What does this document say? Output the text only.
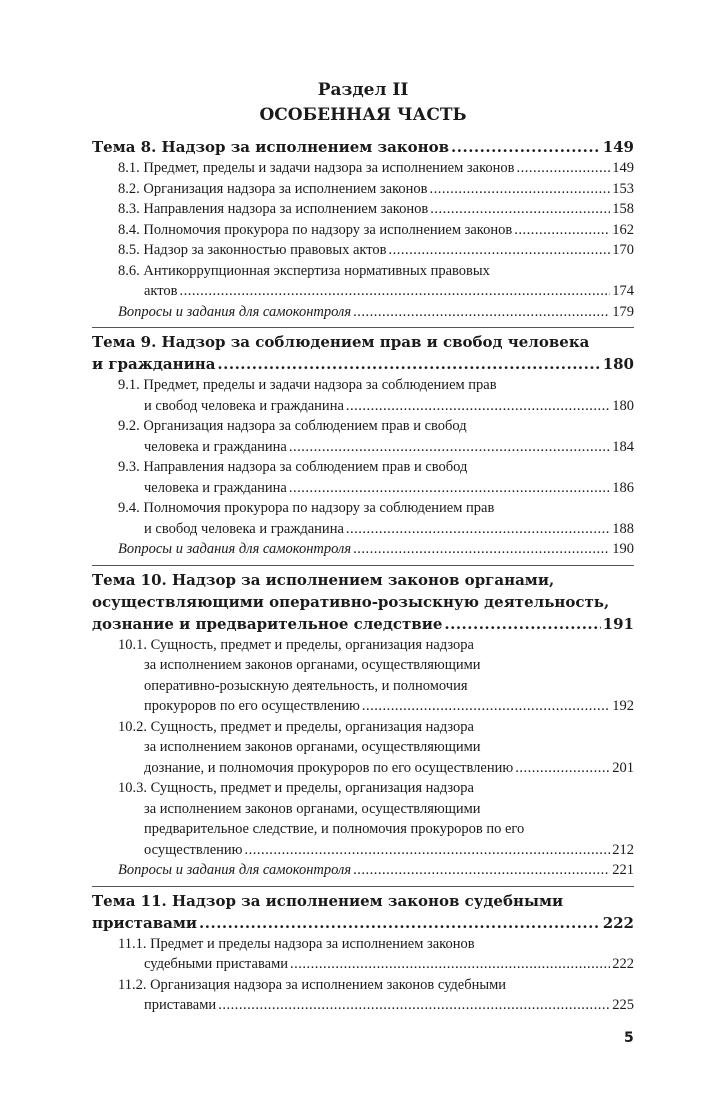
Раздел II
ОСОБЕННАЯ ЧАСТЬ
Тема 8. Надзор за исполнением законов .....	149
8.1. Предмет, пределы и задачи надзора за исполнением законов .....	149
8.2. Организация надзора за исполнением законов .....	153
8.3. Направления надзора за исполнением законов .....	158
8.4. Полномочия прокурора по надзору за исполнением законов .....	162
8.5. Надзор за законностью правовых актов .....	170
8.6. Антикоррупционная экспертиза нормативных правовых
актов .....	174
Вопросы и задания для самоконтроля .....	179
Тема 9. Надзор за соблюдением прав и свобод человека
и гражданина .....	180
9.1. Предмет, пределы и задачи надзора за соблюдением прав
и свобод человека и гражданина .....	180
9.2. Организация надзора за соблюдением прав и свобод
человека и гражданина .....	184
9.3. Направления надзора за соблюдением прав и свобод
человека и гражданина .....	186
9.4. Полномочия прокурора по надзору за соблюдением прав
и свобод человека и гражданина .....	188
Вопросы и задания для самоконтроля .....	190
Тема 10. Надзор за исполнением законов органами,
осуществляющими оперативно-розыскную деятельность,
дознание и предварительное следствие .....	191
10.1. Сущность, предмет и пределы, организация надзора
за исполнением законов органами, осуществляющими
оперативно-розыскную деятельность, и полномочия
прокуроров по его осуществлению .....	192
10.2. Сущность, предмет и пределы, организация надзора
за исполнением законов органами, осуществляющими
дознание, и полномочия прокуроров по его осуществлению .....	201
10.3. Сущность, предмет и пределы, организация надзора
за исполнением законов органами, осуществляющими
предварительное следствие, и полномочия прокуроров по его
осуществлению .....	212
Вопросы и задания для самоконтроля .....	221
Тема 11. Надзор за исполнением законов судебными
приставами .....	222
11.1. Предмет и пределы надзора за исполнением законов
судебными приставами .....	222
11.2. Организация надзора за исполнением законов судебными
приставами .....	225
5
